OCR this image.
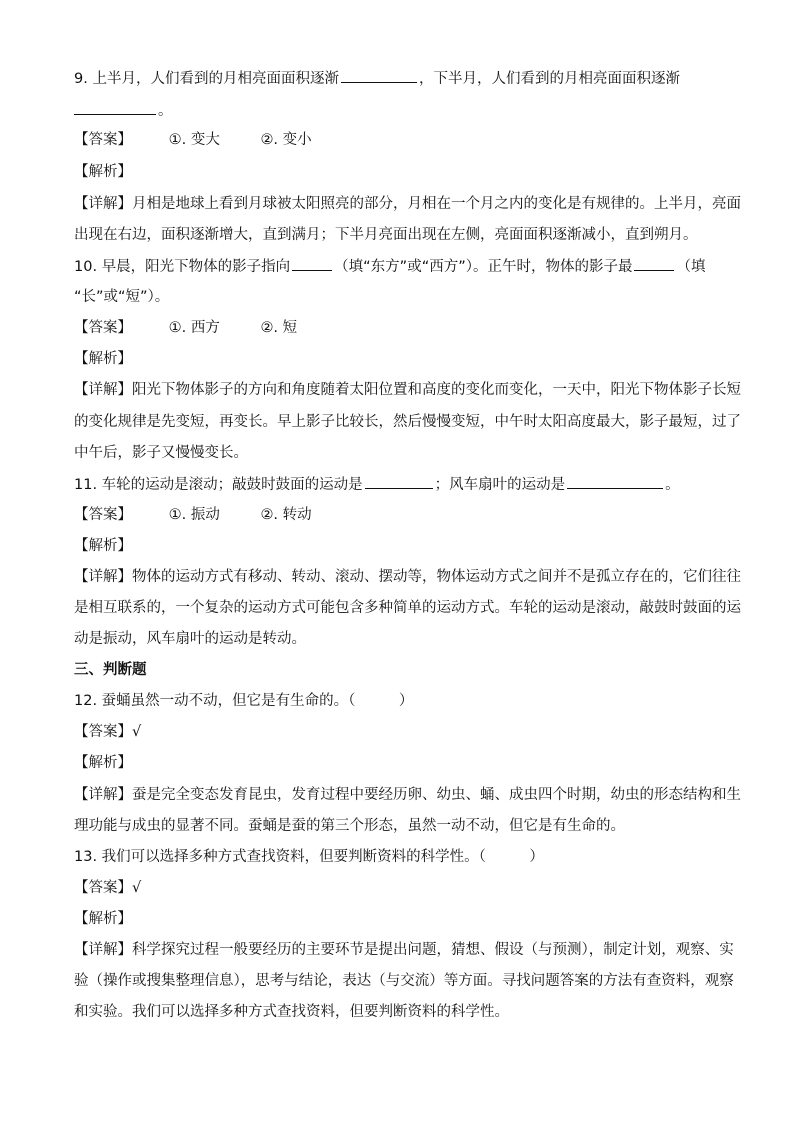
9. 上半月，人们看到的月相亮面面积逐渐	，下半月，人们看到的月相亮面面积逐渐
。
【答案】	①. 变大	②. 变小
【解析】
【详解】月相是地球上看到月球被太阳照亮的部分，月相在一个月之内的变化是有规律的。上半月，亮面
出现在右边，面积逐渐增大，直到满月；下半月亮面出现在左侧，亮面面积逐渐减小，直到朔月。
10. 早晨，阳光下物体的影子指向	（填“东方”或“西方”）。正午时，物体的影子最	（填
“长”或“短”）。
【答案】	①. 西方	②. 短
【解析】
【详解】阳光下物体影子的方向和角度随着太阳位置和高度的变化而变化，一天中，阳光下物体影子长短
的变化规律是先变短，再变长。早上影子比较长，然后慢慢变短，中午时太阳高度最大，影子最短，过了
中午后，影子又慢慢变长。
11. 车轮的运动是滚动；敲鼓时鼓面的运动是	；风车扇叶的运动是	。
【答案】	①. 振动	②. 转动
【解析】
【详解】物体的运动方式有移动、转动、滚动、摆动等，物体运动方式之间并不是孤立存在的，它们往往
是相互联系的，一个复杂的运动方式可能包含多种简单的运动方式。车轮的运动是滚动，敲鼓时鼓面的运
动是振动，风车扇叶的运动是转动。
三、判断题
12. 蚕蛹虽然一动不动，但它是有生命的。（　　　）
【答案】√
【解析】
【详解】蚕是完全变态发育昆虫，发育过程中要经历卵、幼虫、蛹、成虫四个时期，幼虫的形态结构和生
理功能与成虫的显著不同。蚕蛹是蚕的第三个形态，虽然一动不动，但它是有生命的。
13. 我们可以选择多种方式查找资料，但要判断资料的科学性。（　　　）
【答案】√
【解析】
【详解】科学探究过程一般要经历的主要环节是提出问题，猜想、假设（与预测），制定计划，观察、实
验（操作或搜集整理信息），思考与结论，表达（与交流）等方面。寻找问题答案的方法有查资料，观察
和实验。我们可以选择多种方式查找资料，但要判断资料的科学性。
